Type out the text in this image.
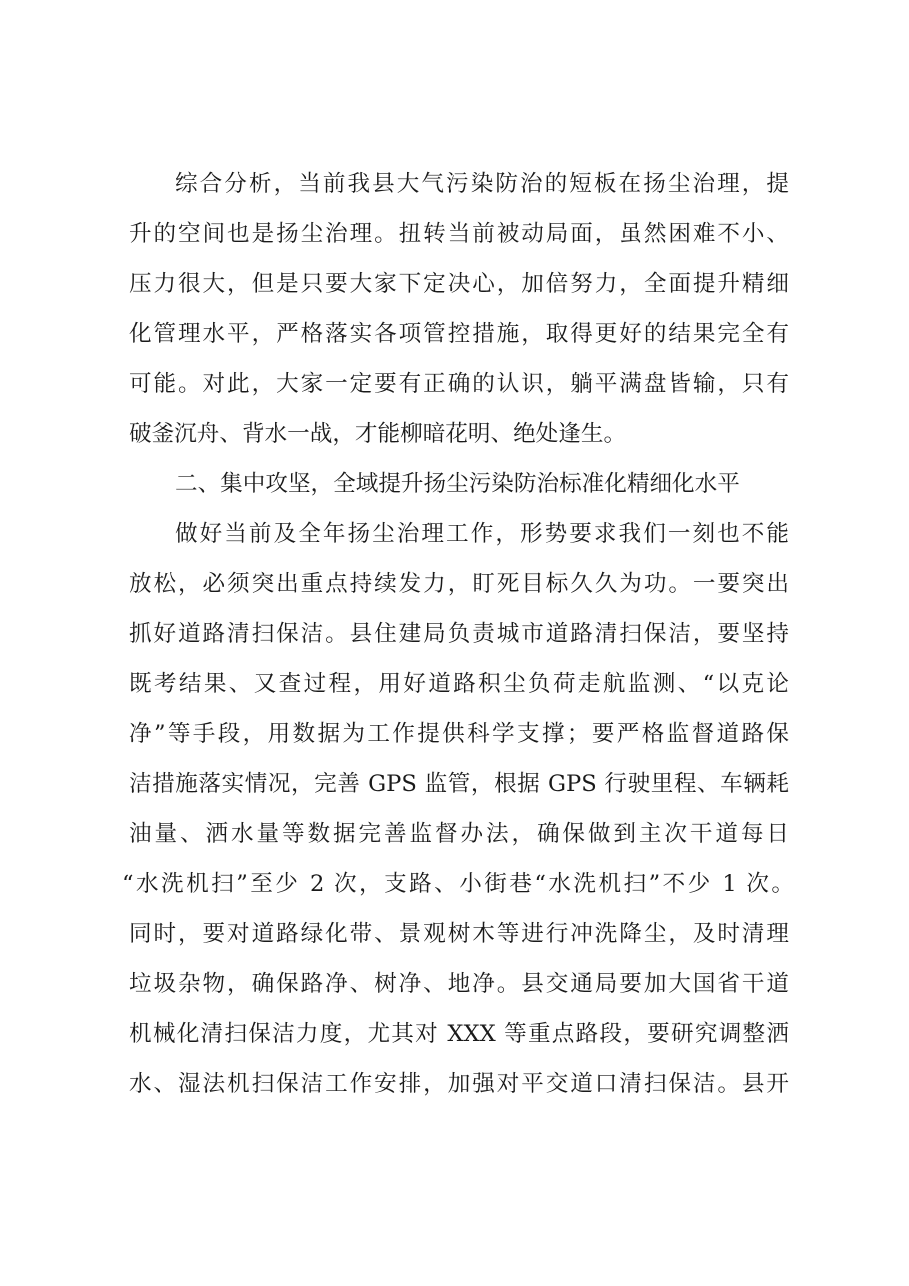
综合分析，当前我县大气污染防治的短板在扬尘治理，提
升的空间也是扬尘治理。扭转当前被动局面，虽然困难不小、
压力很大，但是只要大家下定决心，加倍努力，全面提升精细
化管理水平，严格落实各项管控措施，取得更好的结果完全有
可能。对此，大家一定要有正确的认识，躺平满盘皆输，只有
破釜沉舟、背水一战，才能柳暗花明、绝处逢生。
二、集中攻坚，全域提升扬尘污染防治标准化精细化水平
做好当前及全年扬尘治理工作，形势要求我们一刻也不能
放松，必须突出重点持续发力，盯死目标久久为功。一要突出
抓好道路清扫保洁。县住建局负责城市道路清扫保洁，要坚持
既考结果、又查过程，用好道路积尘负荷走航监测、“以克论
净”等手段，用数据为工作提供科学支撑；要严格监督道路保
洁措施落实情况，完善 GPS 监管，根据 GPS 行驶里程、车辆耗
油量、洒水量等数据完善监督办法，确保做到主次干道每日
“水洗机扫”至少 2 次，支路、小街巷“水洗机扫”不少 1 次。
同时，要对道路绿化带、景观树木等进行冲洗降尘，及时清理
垃圾杂物，确保路净、树净、地净。县交通局要加大国省干道
机械化清扫保洁力度，尤其对 XXX 等重点路段，要研究调整洒
水、湿法机扫保洁工作安排，加强对平交道口清扫保洁。县开
